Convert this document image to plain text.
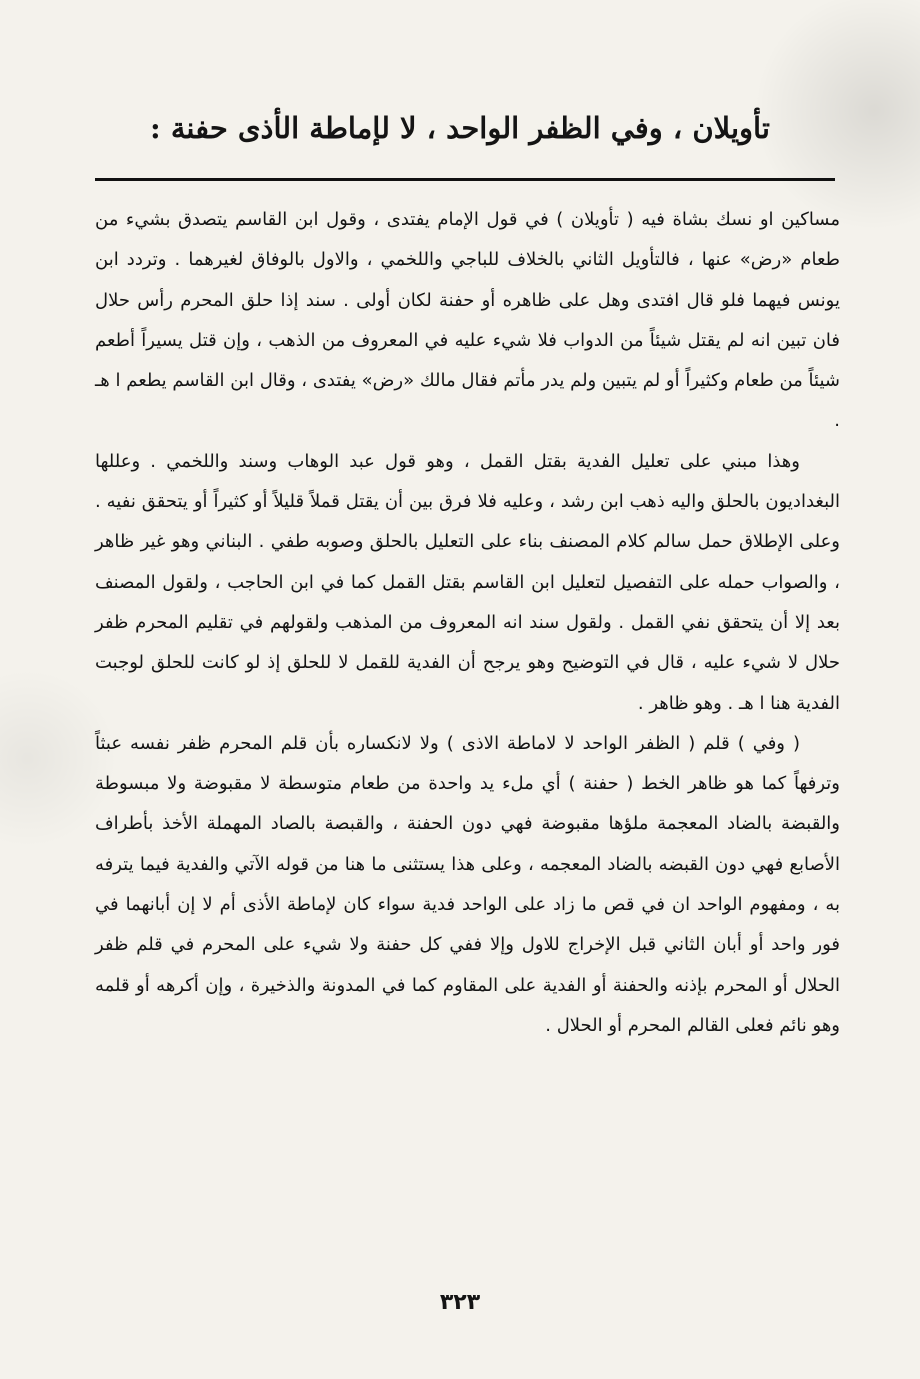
تأويلان ، وفي الظفر الواحد ، لا لإماطة الأذى حفنة :

مساكين او نسك بشاة فيه ( تأويلان ) في قول الإمام يفتدى ، وقول ابن القاسم يتصدق بشيء من طعام «رض» عنها ، فالتأويل الثاني بالخلاف للباجي واللخمي ، والاول بالوفاق لغيرهما . وتردد ابن يونس فيهما فلو قال افتدى وهل على ظاهره أو حفنة لكان أولى . سند إذا حلق المحرم رأس حلال فان تبين انه لم يقتل شيئاً من الدواب فلا شيء عليه في المعروف من الذهب ، وإن قتل يسيراً أطعم شيئاً من طعام وكثيراً أو لم يتبين ولم يدر مأتم فقال مالك «رض» يفتدى ، وقال ابن القاسم يطعم ا هـ .

وهذا مبني على تعليل الفدية بقتل القمل ، وهو قول عبد الوهاب وسند واللخمي . وعللها البغداديون بالحلق واليه ذهب ابن رشد ، وعليه فلا فرق بين أن يقتل قملاً قليلاً أو كثيراً أو يتحقق نفيه . وعلى الإطلاق حمل سالم كلام المصنف بناء على التعليل بالحلق وصوبه طفي . البناني وهو غير ظاهر ، والصواب حمله على التفصيل لتعليل ابن القاسم بقتل القمل كما في ابن الحاجب ، ولقول المصنف بعد إلا أن يتحقق نفي القمل . ولقول سند انه المعروف من المذهب ولقولهم في تقليم المحرم ظفر حلال لا شيء عليه ، قال في التوضيح وهو يرجح أن الفدية للقمل لا للحلق إذ لو كانت للحلق لوجبت الفدية هنا ا هـ . وهو ظاهر .

( وفي ) قلم ( الظفر الواحد لا لاماطة الاذى ) ولا لانكساره بأن قلم المحرم ظفر نفسه عبثاً وترفهاً كما هو ظاهر الخط ( حفنة ) أي ملء يد واحدة من طعام متوسطة لا مقبوضة ولا مبسوطة والقبضة بالضاد المعجمة ملؤها مقبوضة فهي دون الحفنة ، والقبصة بالصاد المهملة الأخذ بأطراف الأصابع فهي دون القبضه بالضاد المعجمه ، وعلى هذا يستثنى ما هنا من قوله الآتي والفدية فيما يترفه به ، ومفهوم الواحد ان في قص ما زاد على الواحد فدية سواء كان لإماطة الأذى أم لا إن أبانهما في فور واحد أو أبان الثاني قبل الإخراج للاول وإلا ففي كل حفنة ولا شيء على المحرم في قلم ظفر الحلال أو المحرم بإذنه والحفنة أو الفدية على المقاوم كما في المدونة والذخيرة ، وإن أكرهه أو قلمه وهو نائم فعلى القالم المحرم أو الحلال .

٣٢٣
